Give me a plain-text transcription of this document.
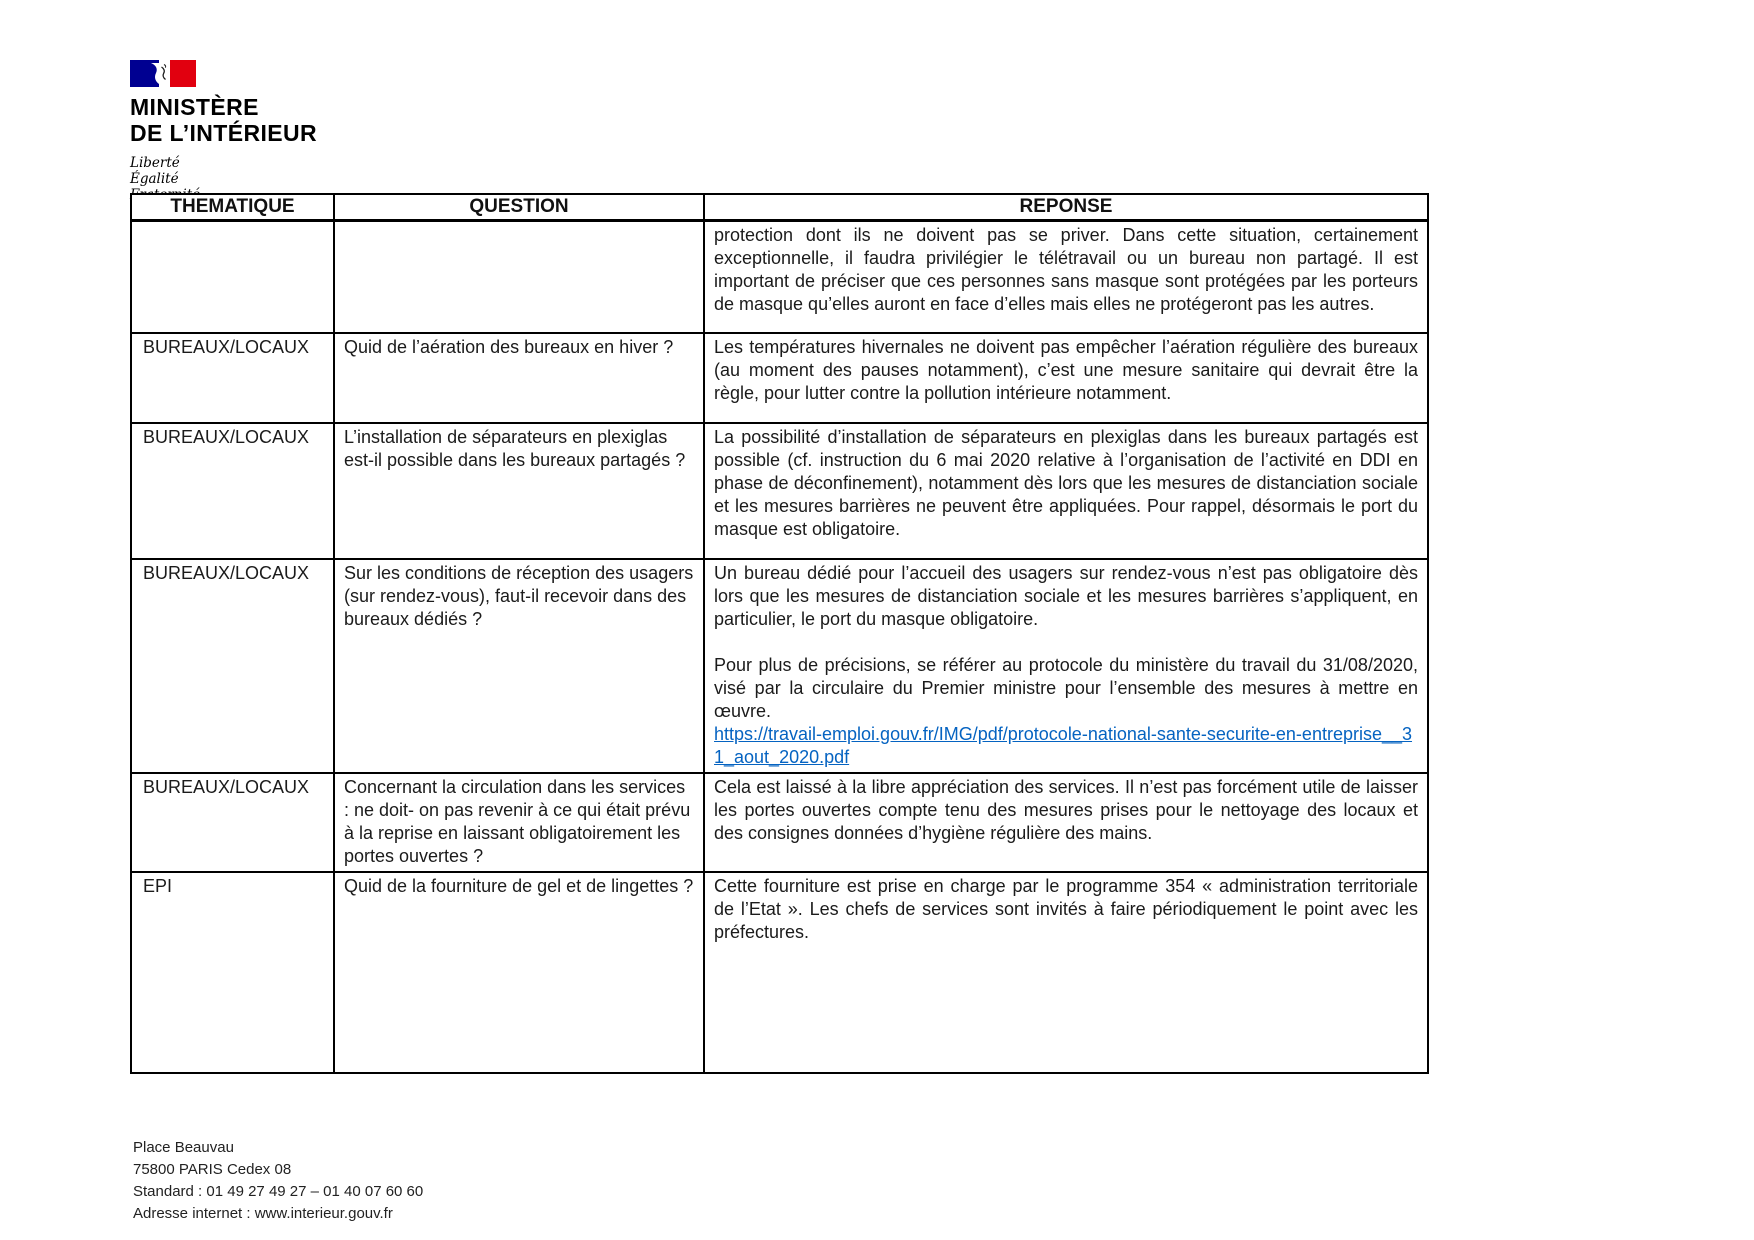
MINISTÈRE
DE L’INTÉRIEUR
Liberté
Égalité
THEMATIQUE	QUESTION	REPONSE

		protection dont ils ne doivent pas se priver. Dans cette situation, certainement exceptionnelle, il faudra privilégier le télétravail ou un bureau non partagé. Il est important de préciser que ces personnes sans masque sont protégées par les porteurs de masque qu’elles auront en face d’elles mais elles ne protégeront pas les autres.

BUREAUX/LOCAUX	Quid de l’aération des bureaux en hiver ?	Les températures hivernales ne doivent pas empêcher l’aération régulière des bureaux (au moment des pauses notamment), c’est une mesure sanitaire qui devrait être la règle, pour lutter contre la pollution intérieure notamment.

BUREAUX/LOCAUX	L’installation de séparateurs en plexiglas est-il possible dans les bureaux partagés ?	La possibilité d’installation de séparateurs en plexiglas dans les bureaux partagés est possible (cf. instruction du 6 mai 2020 relative à l’organisation de l’activité en DDI en phase de déconfinement), notamment dès lors que les mesures de distanciation sociale et les mesures barrières ne peuvent être appliquées. Pour rappel, désormais le port du masque est obligatoire.

BUREAUX/LOCAUX	Sur les conditions de réception des usagers (sur rendez-vous), faut-il recevoir dans des bureaux dédiés ?	Un bureau dédié pour l’accueil des usagers sur rendez-vous n’est pas obligatoire dès lors que les mesures de distanciation sociale et les mesures barrières s’appliquent, en particulier, le port du masque obligatoire.

Pour plus de précisions, se référer au protocole du ministère du travail du 31/08/2020, visé par la circulaire du Premier ministre pour l’ensemble des mesures à mettre en œuvre.

https://travail-emploi.gouv.fr/IMG/pdf/protocole-national-sante-securite-en-entreprise__31_aout_2020.pdf

BUREAUX/LOCAUX	Concernant la circulation dans les services : ne doit- on pas revenir à ce qui était prévu à la reprise en laissant obligatoirement les portes ouvertes ?	Cela est laissé à la libre appréciation des services. Il n’est pas forcément utile de laisser les portes ouvertes compte tenu des mesures prises pour le nettoyage des locaux et des consignes données d’hygiène régulière des mains.

EPI	Quid de la fourniture de gel et de lingettes ?	Cette fourniture est prise en charge par le programme 354 « administration territoriale de l’Etat ». Les chefs de services sont invités à faire périodiquement le point avec les préfectures.

Place Beauvau
75800 PARIS Cedex 08
Standard : 01 49 27 49 27 – 01 40 07 60 60
Adresse internet : www.interieur.gouv.fr
